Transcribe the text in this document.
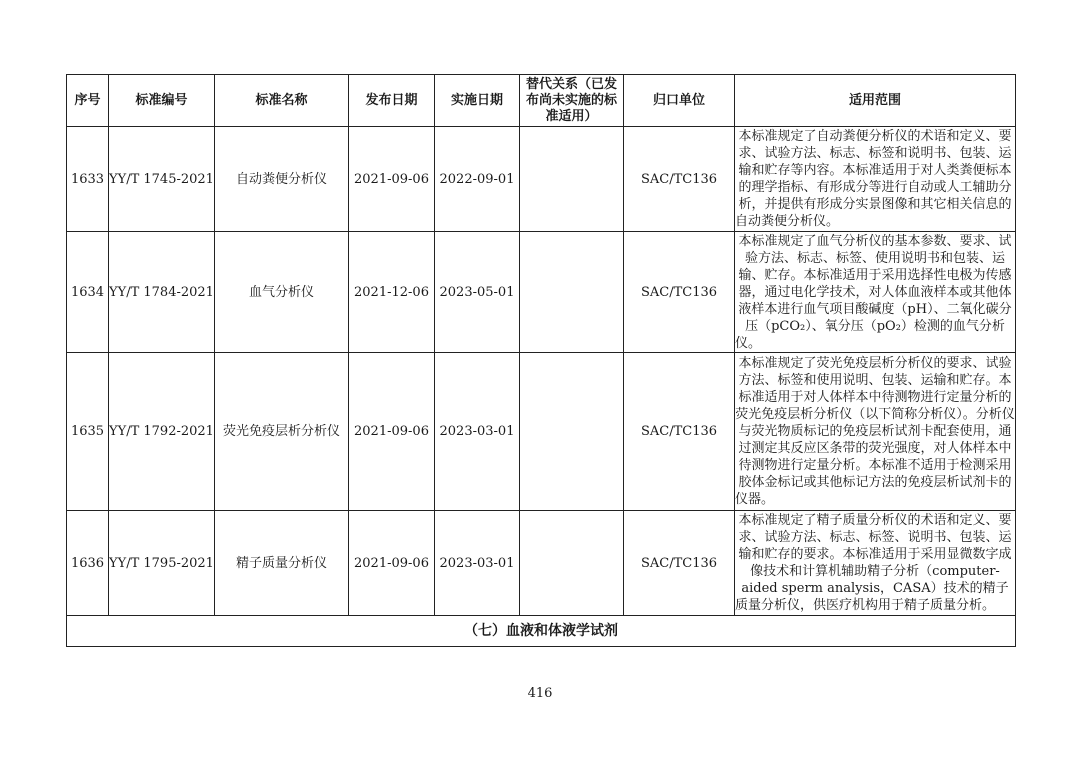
序号	标准编号	标准名称	发布日期	实施日期	替代关系（已发布尚未实施的标准适用）	归口单位	适用范围
1633	YY/T 1745-2021	自动粪便分析仪	2021-09-06	2022-09-01		SAC/TC136	本标准规定了自动粪便分析仪的术语和定义、要求、试验方法、标志、标签和说明书、包装、运输和贮存等内容。本标准适用于对人类粪便标本的理学指标、有形成分等进行自动或人工辅助分析，并提供有形成分实景图像和其它相关信息的自动粪便分析仪。
1634	YY/T 1784-2021	血气分析仪	2021-12-06	2023-05-01		SAC/TC136	本标准规定了血气分析仪的基本参数、要求、试验方法、标志、标签、使用说明书和包装、运输、贮存。本标准适用于采用选择性电极为传感器，通过电化学技术，对人体血液样本或其他体液样本进行血气项目酸碱度（pH）、二氧化碳分压（pCO₂）、氧分压（pO₂）检测的血气分析仪。
1635	YY/T 1792-2021	荧光免疫层析分析仪	2021-09-06	2023-03-01		SAC/TC136	本标准规定了荧光免疫层析分析仪的要求、试验方法、标签和使用说明、包装、运输和贮存。本标准适用于对人体样本中待测物进行定量分析的荧光免疫层析分析仪（以下简称分析仪）。分析仪与荧光物质标记的免疫层析试剂卡配套使用，通过测定其反应区条带的荧光强度，对人体样本中待测物进行定量分析。本标准不适用于检测采用胶体金标记或其他标记方法的免疫层析试剂卡的仪器。
1636	YY/T 1795-2021	精子质量分析仪	2021-09-06	2023-03-01		SAC/TC136	本标准规定了精子质量分析仪的术语和定义、要求、试验方法、标志、标签、说明书、包装、运输和贮存的要求。本标准适用于采用显微数字成像技术和计算机辅助精子分析（computer-aided sperm analysis，CASA）技术的精子质量分析仪，供医疗机构用于精子质量分析。
（七）血液和体液学试剂							
416
